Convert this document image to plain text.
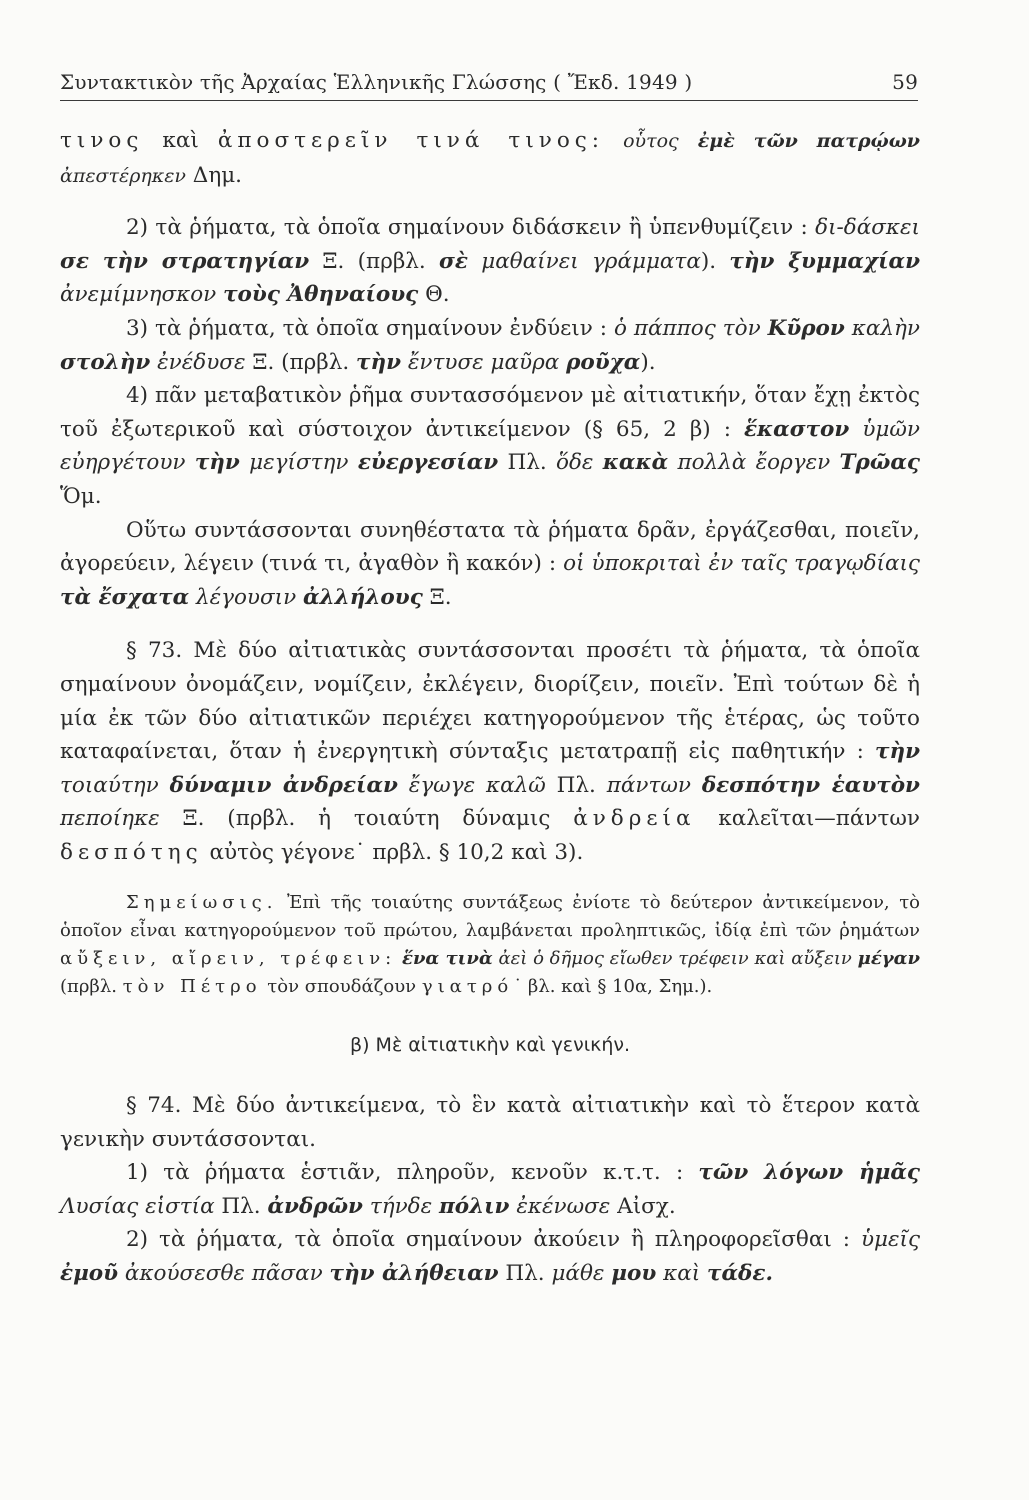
Συντακτικὸν τῆς Ἀρχαίας Ἑλληνικῆς Γλώσσης ( Ἔκδ. 1949 )	59

τινος καὶ ἀποστερεῖν τινά τινος: οὗτος ἐμὲ τῶν πατρῴων ἀπεστέρηκεν Δημ.

2) τὰ ῥήματα, τὰ ὁποῖα σημαίνουν διδάσκειν ἢ ὑπενθυμίζειν : δι-δάσκει σε τὴν στρατηγίαν Ξ. (πρβλ. σὲ μαθαίνει γράμματα). τὴν ξυμμαχίαν ἀνεμίμνησκον τοὺς Ἀθηναίους Θ.

3) τὰ ῥήματα, τὰ ὁποῖα σημαίνουν ἐνδύειν : ὁ πάππος τὸν Κῦρον καλὴν στολὴν ἐνέδυσε Ξ. (πρβλ. τὴν ἔντυσε μαῦρα ρoῦχα).

4) πᾶν μεταβατικὸν ῥῆμα συντασσόμενον μὲ αἰτιατικήν, ὅταν ἔχῃ ἐκτὸς τοῦ ἐξωτερικοῦ καὶ σύστοιχον ἀντικείμενον (§ 65, 2 β) : ἕκαστον ὑμῶν εὐηργέτουν τὴν μεγίστην εὐεργεσίαν Πλ. ὅδε κακὰ πολλὰ ἔοργεν Τρῶας Ὅμ.

Οὕτω συντάσσονται συνηθέστατα τὰ ῥήματα δρᾶν, ἐργάζεσθαι, ποιεῖν, ἀγορεύειν, λέγειν (τινά τι, ἀγαθὸν ἢ κακόν) : οἱ ὑποκριταὶ ἐν ταῖς τραγῳδίαις τὰ ἔσχατα λέγουσιν ἀλλήλους Ξ.

§ 73. Μὲ δύο αἰτιατικὰς συντάσσονται προσέτι τὰ ῥήματα, τὰ ὁποῖα σημαίνουν ὀνομάζειν, νομίζειν, ἐκλέγειν, διορίζειν, ποιεῖν. Ἐπὶ τούτων δὲ ἡ μία ἐκ τῶν δύο αἰτιατικῶν περιέχει κατηγορούμενον τῆς ἑτέρας, ὡς τοῦτο καταφαίνεται, ὅταν ἡ ἐνεργητικὴ σύνταξις μετατραπῇ εἰς παθητικήν : τὴν τοιαύτην δύναμιν ἀνδρείαν ἔγωγε καλῶ Πλ. πάντων δεσπότην ἑαυτὸν πεποίηκε Ξ. (πρβλ. ἡ τοιαύτη δύναμις ἀνδρεία καλεῖται—πάντων δεσπότης αὐτὸς γέγονε˙ πρβλ. § 10,2 καὶ 3).

Σημείωσις. Ἐπὶ τῆς τοιαύτης συντάξεως ἐνίοτε τὸ δεύτερον ἀντικείμενον, τὸ ὁποῖον εἶναι κατηγορούμενον τοῦ πρώτου, λαμβάνεται προληπτικῶς, ἰδίᾳ ἐπὶ τῶν ῥημάτων αὔξειν, αἴρειν, τρέφειν: ἕνα τινὰ ἀεὶ ὁ δῆμος εἴωθεν τρέφειν καὶ αὔξειν μέγαν (πρβλ. τὸν Πέτρο τὸν σπουδάζουν γιατρό˙ βλ. καὶ § 10α, Σημ.).

β) Μὲ αἰτιατικὴν καὶ γενικήν.

§ 74. Μὲ δύο ἀντικείμενα, τὸ ἓν κατὰ αἰτιατικὴν καὶ τὸ ἕτερον κατὰ γενικὴν συντάσσονται.

1) τὰ ῥήματα ἑστιᾶν, πληροῦν, κενοῦν κ.τ.τ. : τῶν λόγων ἡμᾶς Λυσίας εἱστία Πλ. ἀνδρῶν τήνδε πόλιν ἐκένωσε Αἰσχ.

2) τὰ ῥήματα, τὰ ὁποῖα σημαίνουν ἀκούειν ἢ πληροφορεῖσθαι : ὑμεῖς ἐμοῦ ἀκούσεσθε πᾶσαν τὴν ἀλήθειαν Πλ. μάθε μου καὶ τάδε.
